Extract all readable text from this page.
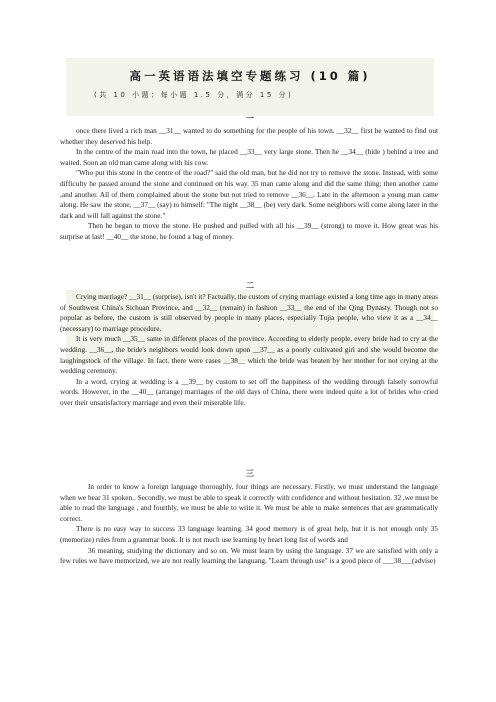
高一英语语法填空专题练习 (10 篇)
(共 10 小题；每小题 1.5 分，满分 15 分)
一

once there lived a rich man __31__ wanted to do something for the people of his town. __32__ first he wanted to find out whether they deserved his help.

In the centre of the main road into the town, he placed __33__ very large stone. Then he __34__ (hide ) behind a tree and waited. Soon an old man came along with his cow.

"Who put this stone in the centre of the road?" said the old man, but he did not try to remove the stone. Instead, with some difficulty he passed around the stone and continued on his way. 35 man came along and did the same thing; then another came ,and another. All of them complained about the stone but not tried to remove __36__. Late in the afternoon a young man came along. He saw the stone, __37__ (say) to himself: "The night __38__ (be) very dark. Some neighbors will come along later in the dark and will fall against the stone."

Then he began to move the stone. He pushed and pulled with all his __39__ (strong) to move it. How great was his surprise at last! __40__ the stone, he found a bag of money.

二

Crying marriage? __31__ (surprise), isn't it? Factually, the custom of crying marriage existed a long time ago in many areas of Southwest China's Sichuan Province, and __32__ (remain) in fashion __33__ the end of the Qing Dynasty. Though not so popular as before, the custom is still observed by people in many places, especially Tujia people, who view it as a __34__ (necessary) to marriage procedure.

It is very much __35__ same in different places of the province. According to elderly people, every bride had to cry at the wedding. __36__, the bride's neighbors would look down upon __37__ as a poorly cultivated girl and she would become the laughingstock of the village. In fact, there were cases __38__ which the bride was beaten by her mother for not crying at the wedding ceremony.

In a word, crying at wedding is a __39__ by custom to set off the happiness of the wedding through falsely sorrowful words. However, in the __40__ (arrange) marriages of the old days of China, there were indeed quite a lot of brides who cried over their unsatisfactory marriage and even their miserable life.

三

In order to know a foreign language thoroughly, four things are necessary. Firstly, we must understand the language when we hear 31 spoken.. Secondly, we must be able to speak it correctly with confidence and without hesitation. 32 ,we must be able to read the language , and fourthly, we must be able to write it. We must be able to make sentences that are grammatically correct.

There is no easy way to success 33 language learning. 34 good memory is of great help, but it is not enough only 35 (memorize) rules from a grammar book. It is not much use learning by heart long list of words and

36 meaning, studying the dictionary and so on. We must learn by using the language. 37 we are satisfied with only a few rules we have memorized, we are not really learning the languang. "Learn through use" is a good piece of ___38___(advise)
